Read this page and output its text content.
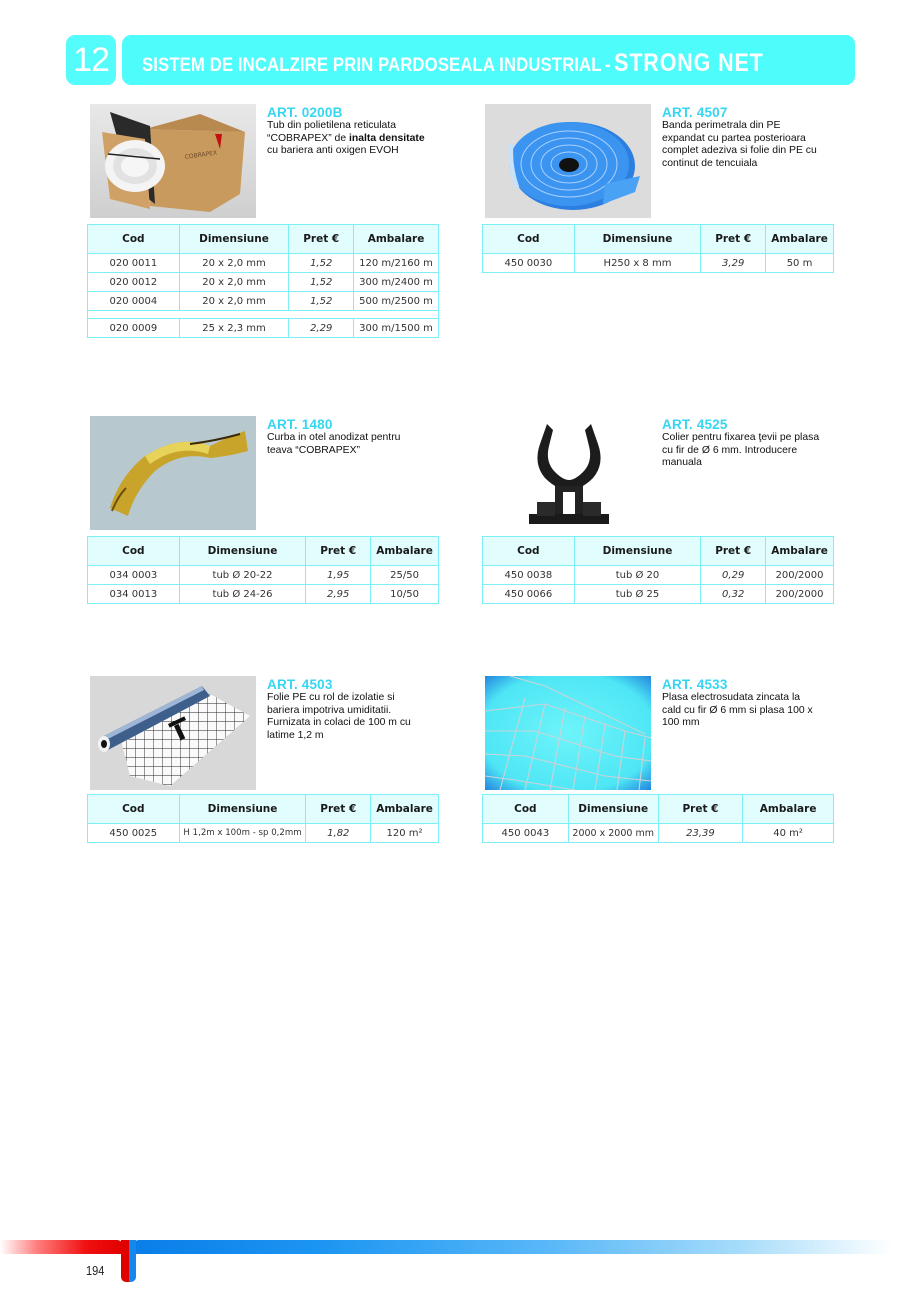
12 SISTEM DE INCALZIRE PRIN PARDOSEALA INDUSTRIAL - STRONG NET
COBRAPEX
ART. 0200B
Tub din polietilena reticulata
“COBRAPEX” de inalta densitate
cu bariera anti oxigen EVOH
Cod	Dimensiune	Pret €	Ambalare
020 0011	20 x 2,0 mm	1,52	120 m/2160 m
020 0012	20 x 2,0 mm	1,52	300 m/2400 m
020 0004	20 x 2,0 mm	1,52	500 m/2500 m

020 0009	25 x 2,3 mm	2,29	300 m/1500 m
ART. 4507
Banda perimetrala din PE
expandat cu partea posterioara
complet adeziva si folie din PE cu
continut de tencuiala
Cod	Dimensiune	Pret €	Ambalare
450 0030	H250 x 8 mm	3,29	50 m
ART. 1480
Curba in otel anodizat pentru
teava “COBRAPEX”
Cod	Dimensiune	Pret €	Ambalare
034 0003	tub Ø 20-22	1,95	25/50
034 0013	tub Ø 24-26	2,95	10/50
ART. 4525
Colier pentru fixarea ţevii pe plasa
cu fir de Ø 6 mm. Introducere
manuala
Cod	Dimensiune	Pret €	Ambalare
450 0038	tub Ø 20	0,29	200/2000
450 0066	tub Ø 25	0,32	200/2000
ART. 4503
Folie PE cu rol de izolatie si
bariera impotriva umiditatii.
Furnizata in colaci de 100 m cu
latime 1,2 m
Cod	Dimensiune	Pret €	Ambalare
450 0025	H 1,2m x 100m - sp 0,2mm	1,82	120 m²
ART. 4533
Plasa electrosudata zincata la
cald cu fir Ø 6 mm si plasa 100 x
100 mm
Cod	Dimensiune	Pret €	Ambalare
450 0043	2000 x 2000 mm	23,39	40 m²
194
